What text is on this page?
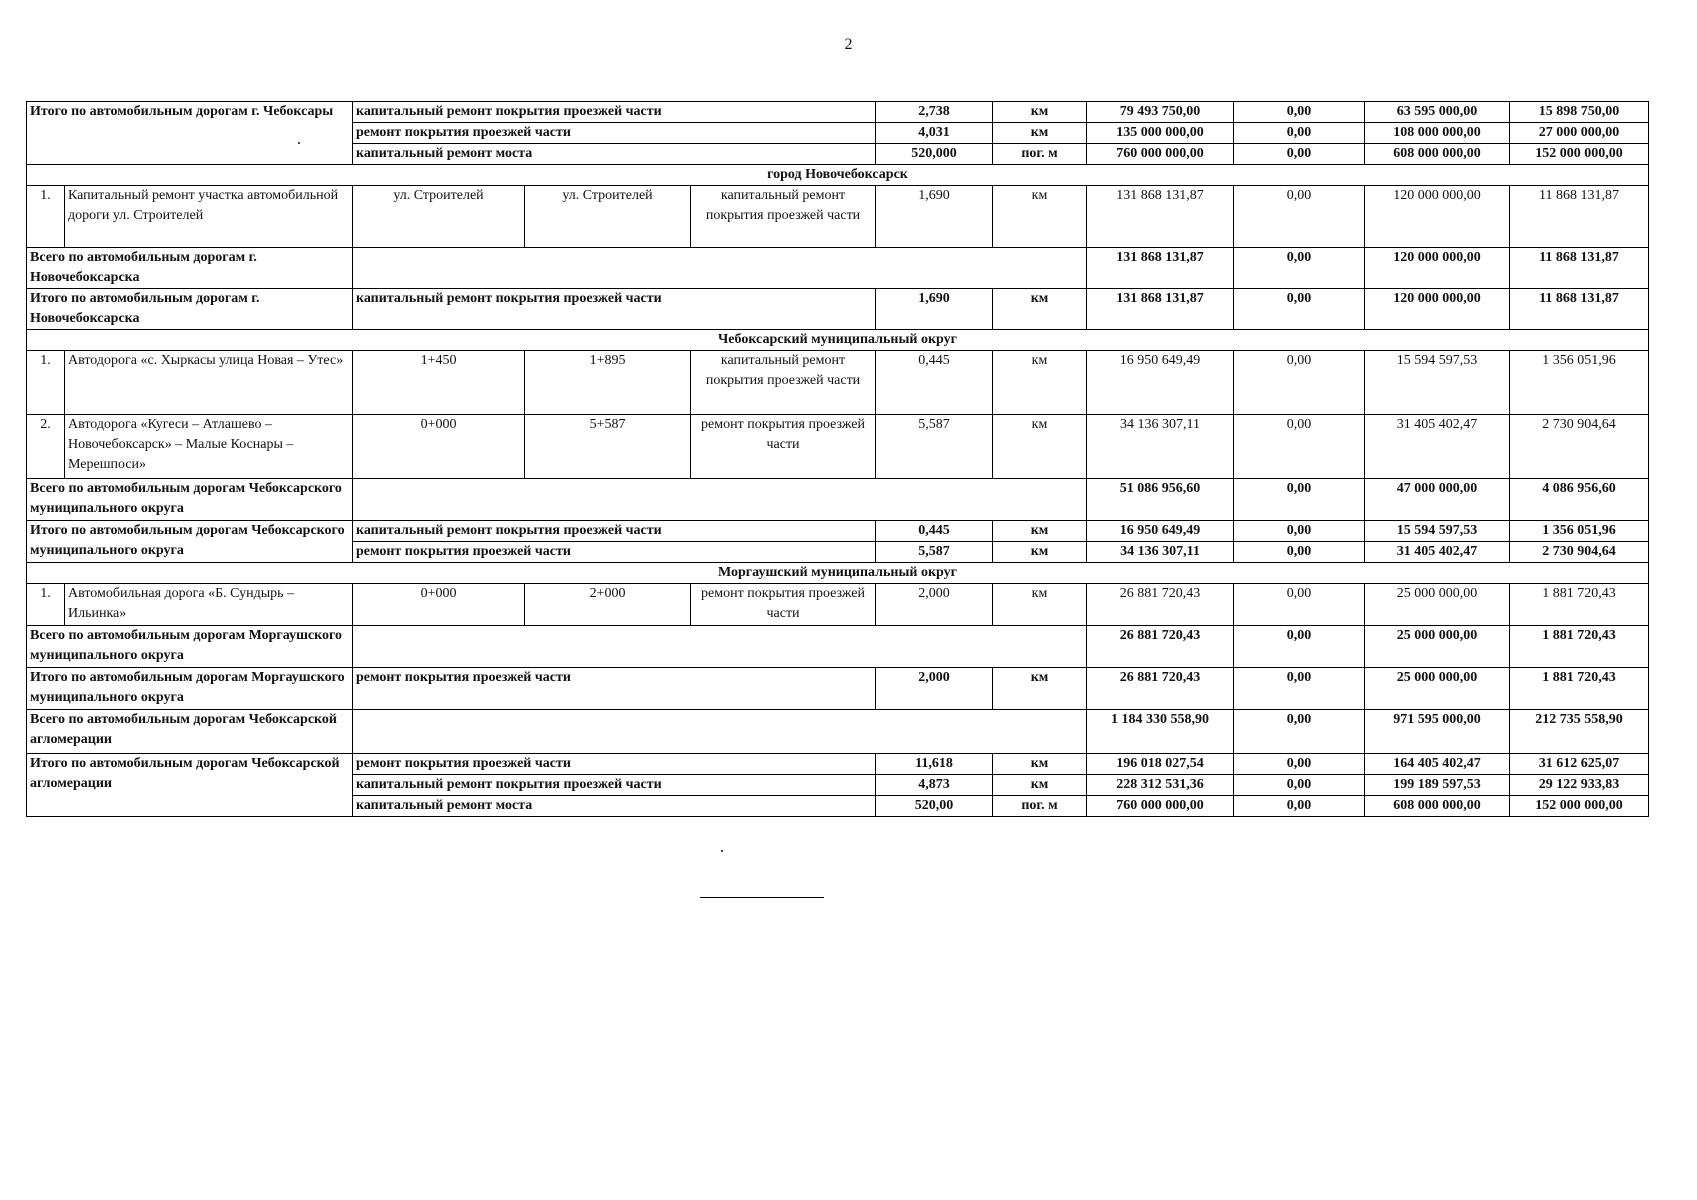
2
Итого по автомобильным дорогам г. Чебоксары		капитальный ремонт покрытия проезжей части			2,738	км	79 493 750,00	0,00	63 595 000,00	15 898 750,00
		ремонт покрытия проезжей части			4,031	км	135 000 000,00	0,00	108 000 000,00	27 000 000,00
		капитальный ремонт моста			520,000	пог. м	760 000 000,00	0,00	608 000 000,00	152 000 000,00
город Новочебоксарск										
1.	Капитальный ремонт участка автомобильной дороги ул. Строителей	ул. Строителей	ул. Строителей	капитальный ремонт покрытия проезжей части	1,690	км	131 868 131,87	0,00	120 000 000,00	11 868 131,87
Всего по автомобильным дорогам г. Новочебоксарска							131 868 131,87	0,00	120 000 000,00	11 868 131,87
Итого по автомобильным дорогам г. Новочебоксарска		капитальный ремонт покрытия проезжей части			1,690	км	131 868 131,87	0,00	120 000 000,00	11 868 131,87
Чебоксарский муниципальный округ										
1.	Автодорога «с. Хыркасы улица Новая – Утес»	1+450	1+895	капитальный ремонт покрытия проезжей части	0,445	км	16 950 649,49	0,00	15 594 597,53	1 356 051,96
2.	Автодорога «Кугеси – Атлашево – Новочебоксарск» – Малые Коснары – Мерешпоси»	0+000	5+587	ремонт покрытия проезжей части	5,587	км	34 136 307,11	0,00	31 405 402,47	2 730 904,64
Всего по автомобильным дорогам Чебоксарского муниципального округа							51 086 956,60	0,00	47 000 000,00	4 086 956,60
Итого по автомобильным дорогам Чебоксарского муниципального округа		капитальный ремонт покрытия проезжей части			0,445	км	16 950 649,49	0,00	15 594 597,53	1 356 051,96
		ремонт покрытия проезжей части			5,587	км	34 136 307,11	0,00	31 405 402,47	2 730 904,64
Моргаушский муниципальный округ										
1.	Автомобильная дорога «Б. Сундырь – Ильинка»	0+000	2+000	ремонт покрытия проезжей части	2,000	км	26 881 720,43	0,00	25 000 000,00	1 881 720,43
Всего по автомобильным дорогам Моргаушского муниципального округа							26 881 720,43	0,00	25 000 000,00	1 881 720,43
Итого по автомобильным дорогам Моргаушского муниципального округа		ремонт покрытия проезжей части			2,000	км	26 881 720,43	0,00	25 000 000,00	1 881 720,43
Всего по автомобильным дорогам Чебоксарской агломерации							1 184 330 558,90	0,00	971 595 000,00	212 735 558,90
Итого по автомобильным дорогам Чебоксарской агломерации		ремонт покрытия проезжей части			11,618	км	196 018 027,54	0,00	164 405 402,47	31 612 625,07
		капитальный ремонт покрытия проезжей части			4,873	км	228 312 531,36	0,00	199 189 597,53	29 122 933,83
		капитальный ремонт моста			520,00	пог. м	760 000 000,00	0,00	608 000 000,00	152 000 000,00
